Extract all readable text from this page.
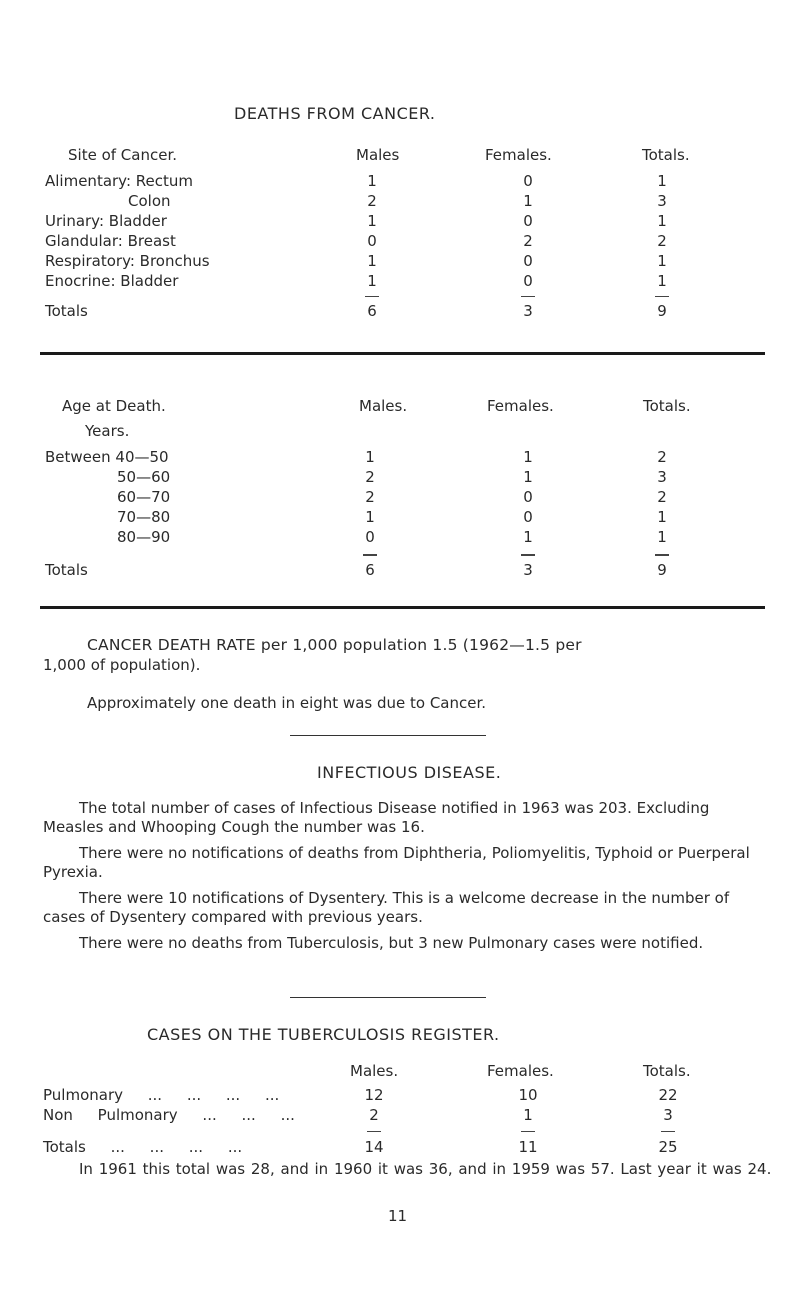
DEATHS FROM CANCER.
Site of Cancer.	Males	Females.	Totals.
Alimentary: Rectum	1	0	1
Colon	2	1	3
Urinary: Bladder	1	0	1
Glandular: Breast	0	2	2
Respiratory: Bronchus	1	0	1
Enocrine: Bladder	1	0	1
Totals	6	3	9
Age at Death.	Males.	Females.	Totals.
Years.
Between 40—50	1	1	2
50—60	2	1	3
60—70	2	0	2
70—80	1	0	1
80—90	0	1	1
Totals	6	3	9
CANCER DEATH RATE per 1,000 population 1.5 (1962—1.5 per
1,000 of population).
Approximately one death in eight was due to Cancer.
INFECTIOUS DISEASE.
The total number of cases of Infectious Disease notified in 1963 was 203. Excluding Measles and Whooping Cough the number was 16.
There were no notifications of deaths from Diphtheria, Poliomyelitis, Typhoid or Puerperal Pyrexia.
There were 10 notifications of Dysentery. This is a welcome decrease in the number of cases of Dysentery compared with previous years.
There were no deaths from Tuberculosis, but 3 new Pulmonary cases were notified.
CASES ON THE TUBERCULOSIS REGISTER.
Males.	Females.	Totals.
Pulmonary ... ... ... ...	12	10	22
Non Pulmonary ... ... ...	2	1	3
Totals ... ... ... ...	14	11	25
In 1961 this total was 28, and in 1960 it was 36, and in 1959 was 57. Last year it was 24.
11
